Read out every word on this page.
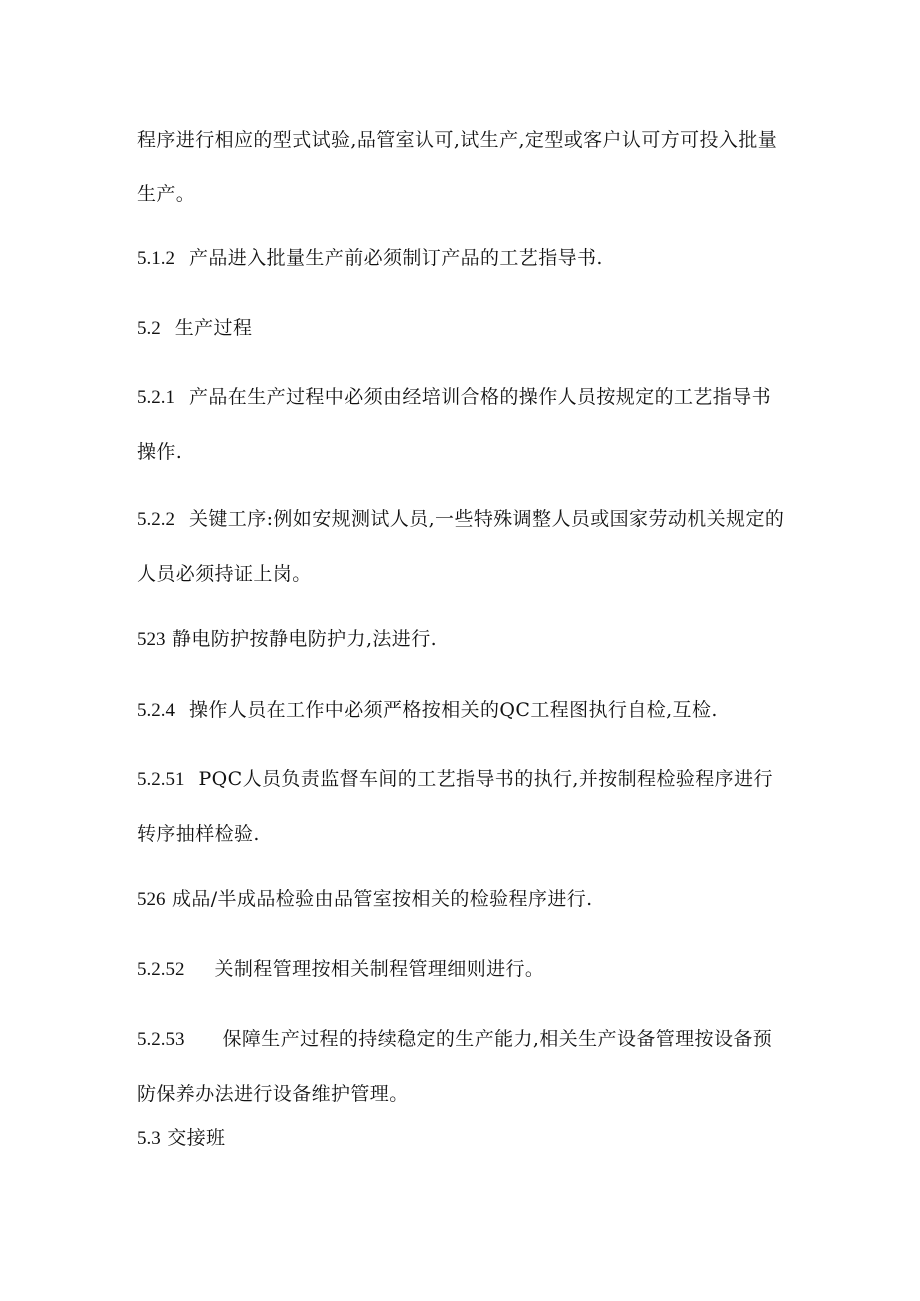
程序进行相应的型式试验,品管室认可,试生产,定型或客户认可方可投入批量生产。
5.1.2 产品进入批量生产前必须制订产品的工艺指导书.
5.2 生产过程
5.2.1 产品在生产过程中必须由经培训合格的操作人员按规定的工艺指导书操作.
5.2.2 关键工序:例如安规测试人员,一些特殊调整人员或国家劳动机关规定的人员必须持证上岗。
523 静电防护按静电防护力,法进行.
5.2.4 操作人员在工作中必须严格按相关的QC工程图执行自检,互检.
5.2.51 PQC人员负责监督车间的工艺指导书的执行,并按制程检验程序进行转序抽样检验.
526 成品/半成品检验由品管室按相关的检验程序进行.
5.2.52 关制程管理按相关制程管理细则进行。
5.2.53 保障生产过程的持续稳定的生产能力,相关生产设备管理按设备预防保养办法进行设备维护管理。
5.3 交接班
